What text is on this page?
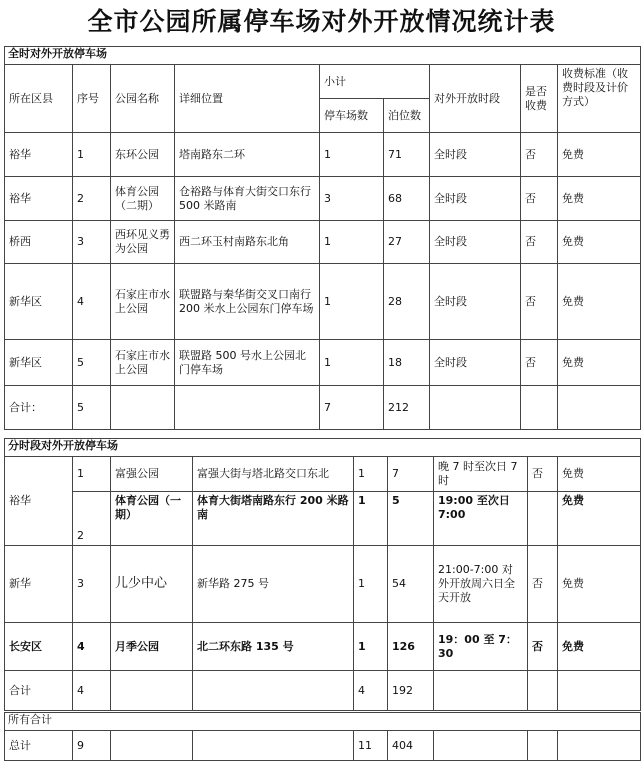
全市公园所属停车场对外开放情况统计表
全时对外开放停车场								
所在区县	序号	公园名称	详细位置	小计		对外开放时段	是否收费	收费标准（收费时段及计价方式）
				停车场数	泊位数			
裕华	1	东环公园	塔南路东二环	1	71	全时段	否	免费
裕华	2	体育公园（二期）	仓裕路与体育大街交口东行 500 米路南	3	68	全时段	否	免费
桥西	3	西环见义勇为公园	西二环玉村南路东北角	1	27	全时段	否	免费
新华区	4	石家庄市水上公园	联盟路与秦华街交叉口南行 200 米水上公园东门停车场	1	28	全时段	否	免费
新华区	5	石家庄市水上公园	联盟路 500 号水上公园北门停车场	1	18	全时段	否	免费
合计：	5			7	212			
分时段对外开放停车场								
裕华	1	富强公园	富强大街与塔北路交口东北	1	7	晚 7 时至次日 7 时	否	免费
	2	体育公园（一期）	体育大街塔南路东行 200 米路南	1	5	19:00 至次日 7:00		免费
新华	3	儿少中心	新华路 275 号	1	54	21:00-7:00 对外开放周六日全天开放	否	免费
长安区	4	月季公园	北二环东路 135 号	1	126	19：00 至 7：30	否	免费
合计	4			4	192			
所有合计
总计	9			11	404			
